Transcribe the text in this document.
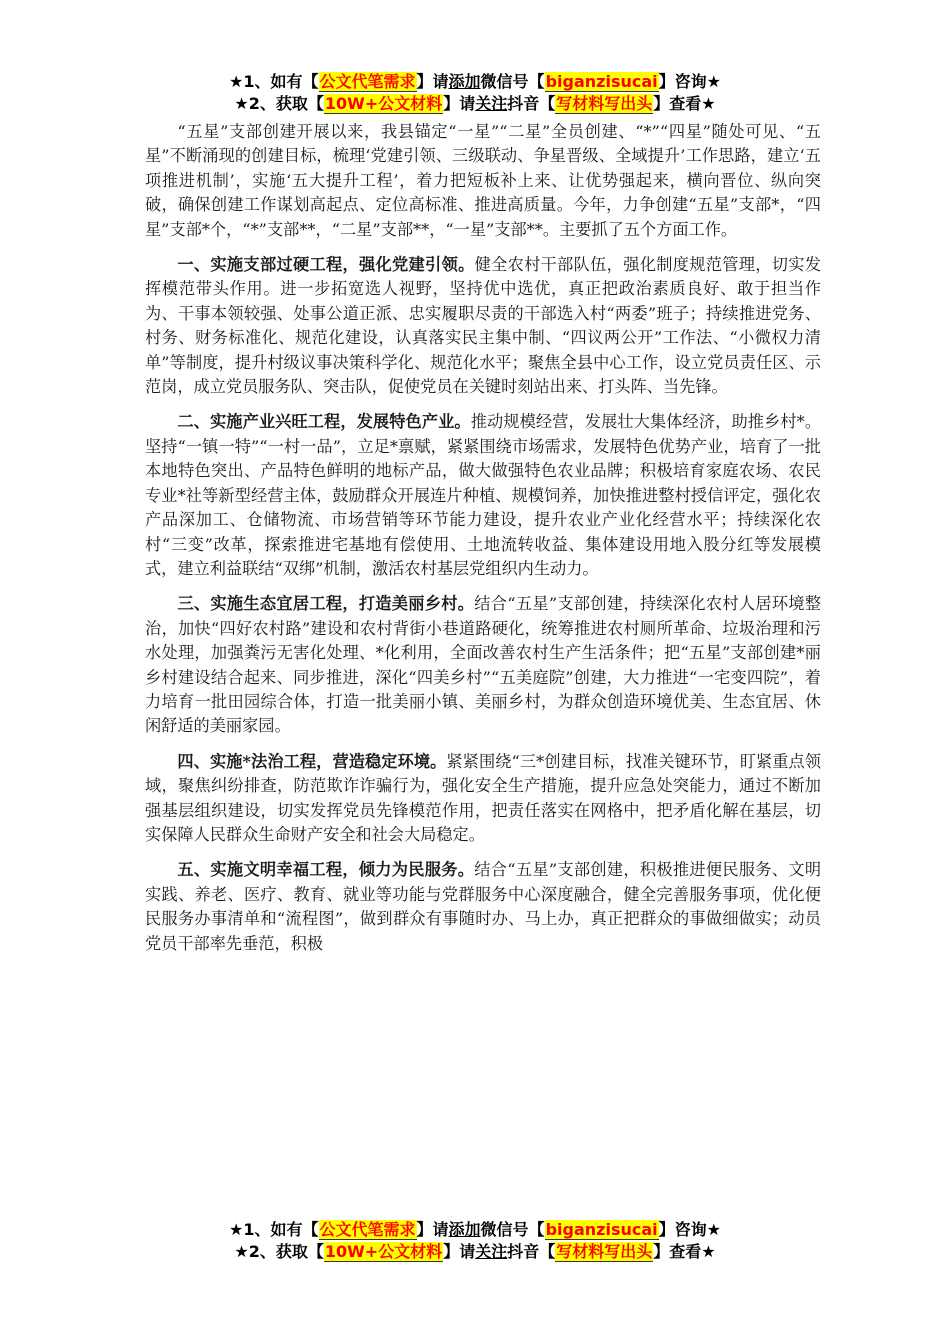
★1、如有【公文代笔需求】请添加微信号【biganzisucai】咨询★
★2、获取【10W+公文材料】请关注抖音【写材料写出头】查看★

“五星”支部创建开展以来，我县锚定“一星”“二星”全员创建、“*”“四星”随处可见、“五星”不断涌现的创建目标，梳理‘党建引领、三级联动、争星晋级、全域提升’工作思路，建立‘五项推进机制’，实施‘五大提升工程’，着力把短板补上来、让优势强起来，横向晋位、纵向突破，确保创建工作谋划高起点、定位高标准、推进高质量。今年，力争创建“五星”支部*，“四星”支部*个，“*”支部**，“二星”支部**，“一星”支部**。主要抓了五个方面工作。

一、实施支部过硬工程，强化党建引领。健全农村干部队伍，强化制度规范管理，切实发挥模范带头作用。进一步拓宽选人视野，坚持优中选优，真正把政治素质良好、敢于担当作为、干事本领较强、处事公道正派、忠实履职尽责的干部选入村“两委”班子；持续推进党务、村务、财务标准化、规范化建设，认真落实民主集中制、“四议两公开”工作法、“小微权力清单”等制度，提升村级议事决策科学化、规范化水平；聚焦全县中心工作，设立党员责任区、示范岗，成立党员服务队、突击队，促使党员在关键时刻站出来、打头阵、当先锋。

二、实施产业兴旺工程，发展特色产业。推动规模经营，发展壮大集体经济，助推乡村*。坚持“一镇一特”“一村一品”，立足*禀赋，紧紧围绕市场需求，发展特色优势产业，培育了一批本地特色突出、产品特色鲜明的地标产品，做大做强特色农业品牌；积极培育家庭农场、农民专业*社等新型经营主体，鼓励群众开展连片种植、规模饲养，加快推进整村授信评定，强化农产品深加工、仓储物流、市场营销等环节能力建设，提升农业产业化经营水平；持续深化农村“三变”改革，探索推进宅基地有偿使用、土地流转收益、集体建设用地入股分红等发展模式，建立利益联结“双绑”机制，激活农村基层党组织内生动力。

三、实施生态宜居工程，打造美丽乡村。结合“五星”支部创建，持续深化农村人居环境整治，加快“四好农村路”建设和农村背街小巷道路硬化，统筹推进农村厕所革命、垃圾治理和污水处理，加强粪污无害化处理、*化利用，全面改善农村生产生活条件；把“五星”支部创建*丽乡村建设结合起来、同步推进，深化“四美乡村”“五美庭院”创建，大力推进“一宅变四院”，着力培育一批田园综合体，打造一批美丽小镇、美丽乡村，为群众创造环境优美、生态宜居、休闲舒适的美丽家园。

四、实施*法治工程，营造稳定环境。紧紧围绕“三*创建目标，找准关键环节，盯紧重点领域，聚焦纠纷排查，防范欺诈诈骗行为，强化安全生产措施，提升应急处突能力，通过不断加强基层组织建设，切实发挥党员先锋模范作用，把责任落实在网格中，把矛盾化解在基层，切实保障人民群众生命财产安全和社会大局稳定。

五、实施文明幸福工程，倾力为民服务。结合“五星”支部创建，积极推进便民服务、文明实践、养老、医疗、教育、就业等功能与党群服务中心深度融合，健全完善服务事项，优化便民服务办事清单和“流程图”，做到群众有事随时办、马上办，真正把群众的事做细做实；动员党员干部率先垂范，积极

★1、如有【公文代笔需求】请添加微信号【biganzisucai】咨询★
★2、获取【10W+公文材料】请关注抖音【写材料写出头】查看★
